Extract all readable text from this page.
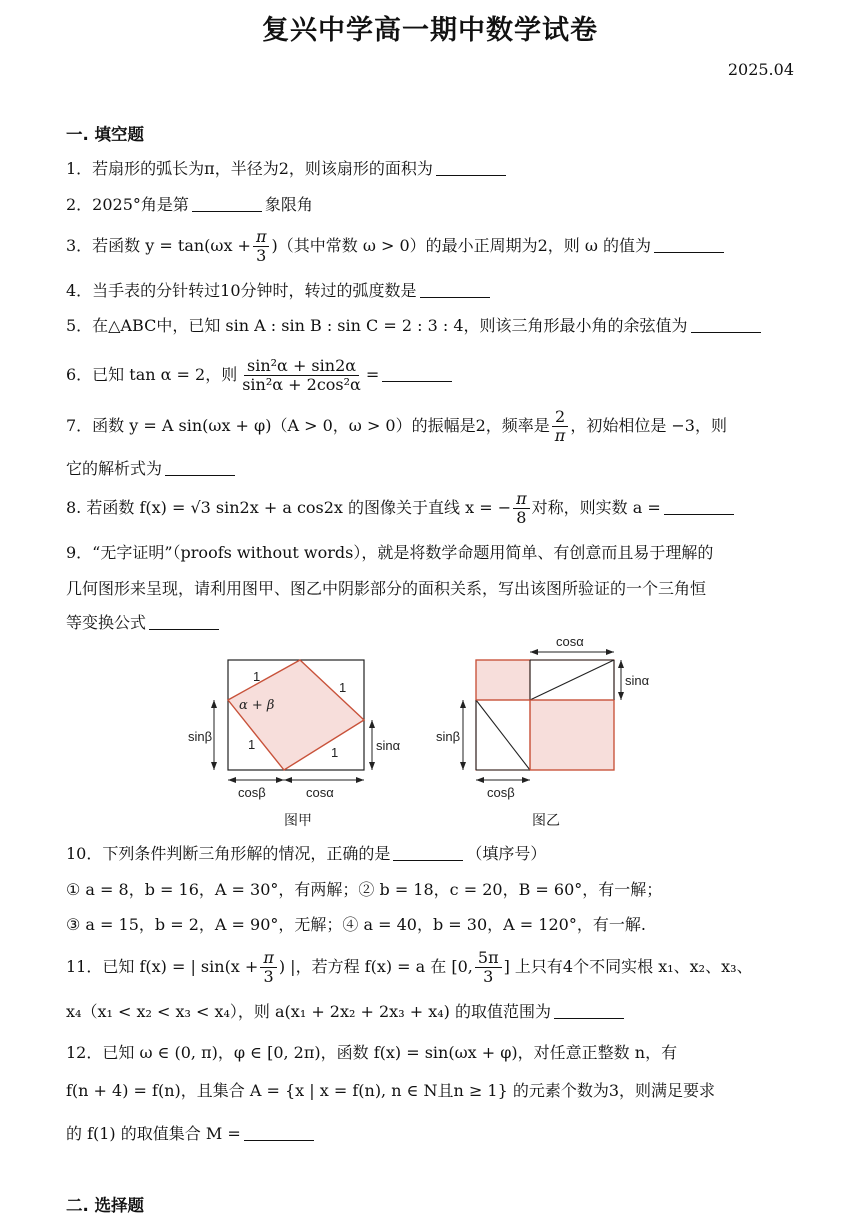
复兴中学高一期中数学试卷
2025.04
一. 填空题
1．若扇形的弧长为π，半径为2，则该扇形的面积为
2．2025°角是第	象限角
3．若函数 $y = \tan(\omega x + \frac{\pi}{3}$ )（其中常数 ω > 0）的最小正周期为2，则 ω 的值为
4．当手表的分针转过10分钟时，转过的弧度数是
5．在△ABC中，已知 sin A : sin B : sin C = 2 : 3 : 4，则该三角形最小角的余弦值为
6．已知 tan α = 2，则 $\frac{\text{sin²α + sin2α}}{\text{sin²α + 2cos²α}}$ =
7．函数 y = A sin(ωx + φ)（A > 0，ω > 0）的振幅是2，频率是 $\frac{2}{\pi}$ ，初始相位是 −3，则
它的解析式为
8. 若函数 f(x) = √3 sin2x + a cos2x 的图像关于直线 x = − $\frac{\pi}{8}$ 对称，则实数 a =
9．“无字证明”（proofs without words），就是将数学命题用简单、有创意而且易于理解的
几何图形来呈现，请利用图甲、图乙中阴影部分的面积关系，写出该图所验证的一个三角恒
等变换公式
1
1
1
1
α + β
sinβ
sinα
cosβ	cosα
cosα
sinα
sinβ
cosβ
图甲	图乙
10．下列条件判断三角形解的情况，正确的是	（填序号）
① a = 8，b = 16，A = 30°，有两解；② b = 18，c = 20，B = 60°，有一解；
③ a = 15，b = 2，A = 90°，无解；④ a = 40，b = 30，A = 120°，有一解.
11．已知 f(x) = | $\sin(x + \frac{\pi}{3}$ ) |，若方程 f(x) = a 在 [0, $\frac{5\pi}{3}$ ] 上只有4个不同实根 x₁、x₂、x₃、
x₄（x₁ < x₂ < x₃ < x₄），则 a(x₁ + 2x₂ + 2x₃ + x₄) 的取值范围为
12．已知 ω ∈ (0, π)，φ ∈ [0, 2π)，函数 f(x) = sin(ωx + φ)，对任意正整数 n，有
f(n + 4) = f(n)，且集合 A = {x | x = f(n), n ∈ N且n ≥ 1} 的元素个数为3，则满足要求
的 f(1) 的取值集合 M =
二. 选择题
